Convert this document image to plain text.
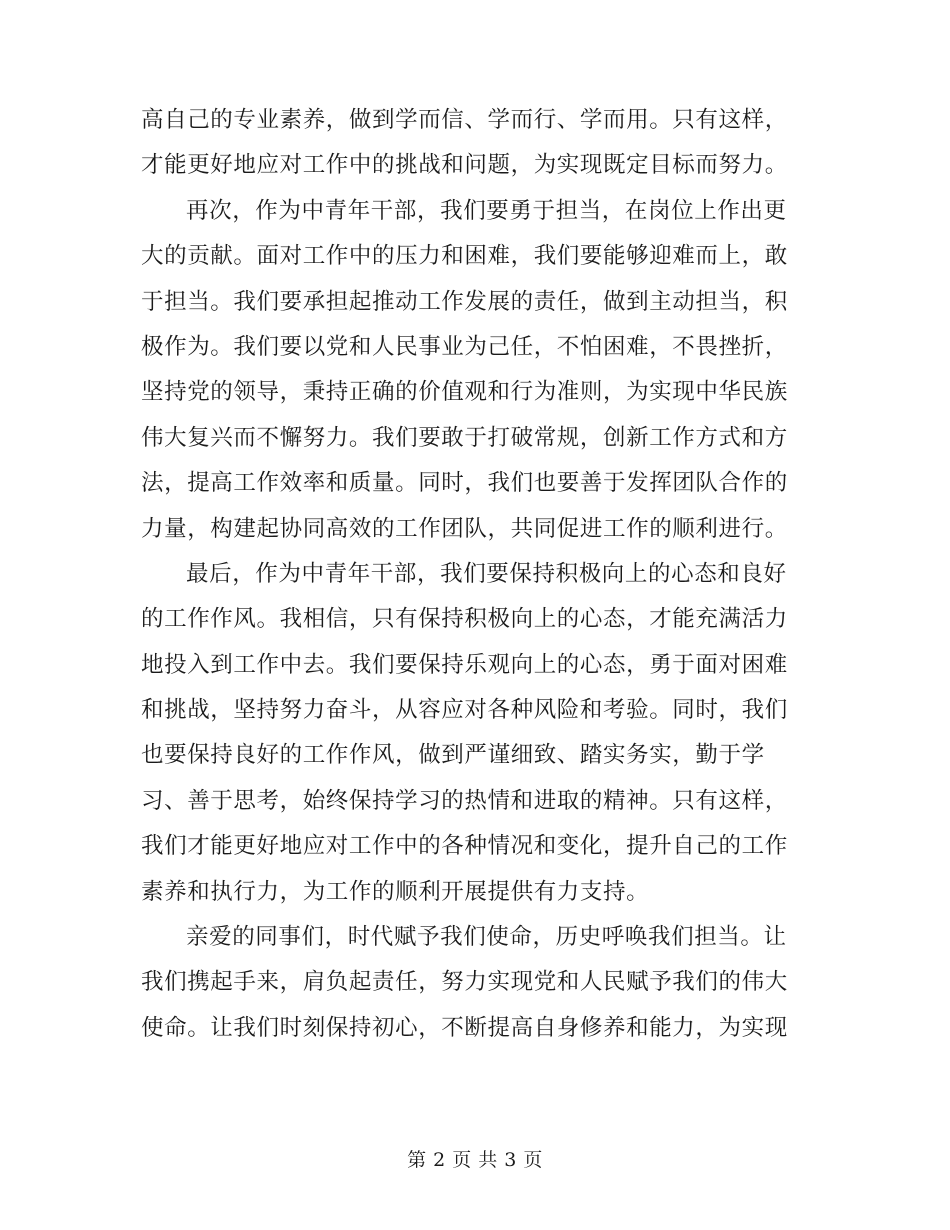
高自己的专业素养，做到学而信、学而行、学而用。只有这样，
才能更好地应对工作中的挑战和问题，为实现既定目标而努力。
再次，作为中青年干部，我们要勇于担当，在岗位上作出更
大的贡献。面对工作中的压力和困难，我们要能够迎难而上，敢
于担当。我们要承担起推动工作发展的责任，做到主动担当，积
极作为。我们要以党和人民事业为己任，不怕困难，不畏挫折，
坚持党的领导，秉持正确的价值观和行为准则，为实现中华民族
伟大复兴而不懈努力。我们要敢于打破常规，创新工作方式和方
法，提高工作效率和质量。同时，我们也要善于发挥团队合作的
力量，构建起协同高效的工作团队，共同促进工作的顺利进行。
最后，作为中青年干部，我们要保持积极向上的心态和良好
的工作作风。我相信，只有保持积极向上的心态，才能充满活力
地投入到工作中去。我们要保持乐观向上的心态，勇于面对困难
和挑战，坚持努力奋斗，从容应对各种风险和考验。同时，我们
也要保持良好的工作作风，做到严谨细致、踏实务实，勤于学
习、善于思考，始终保持学习的热情和进取的精神。只有这样，
我们才能更好地应对工作中的各种情况和变化，提升自己的工作
素养和执行力，为工作的顺利开展提供有力支持。
亲爱的同事们，时代赋予我们使命，历史呼唤我们担当。让
我们携起手来，肩负起责任，努力实现党和人民赋予我们的伟大
使命。让我们时刻保持初心，不断提高自身修养和能力，为实现
第 2 页 共 3 页
